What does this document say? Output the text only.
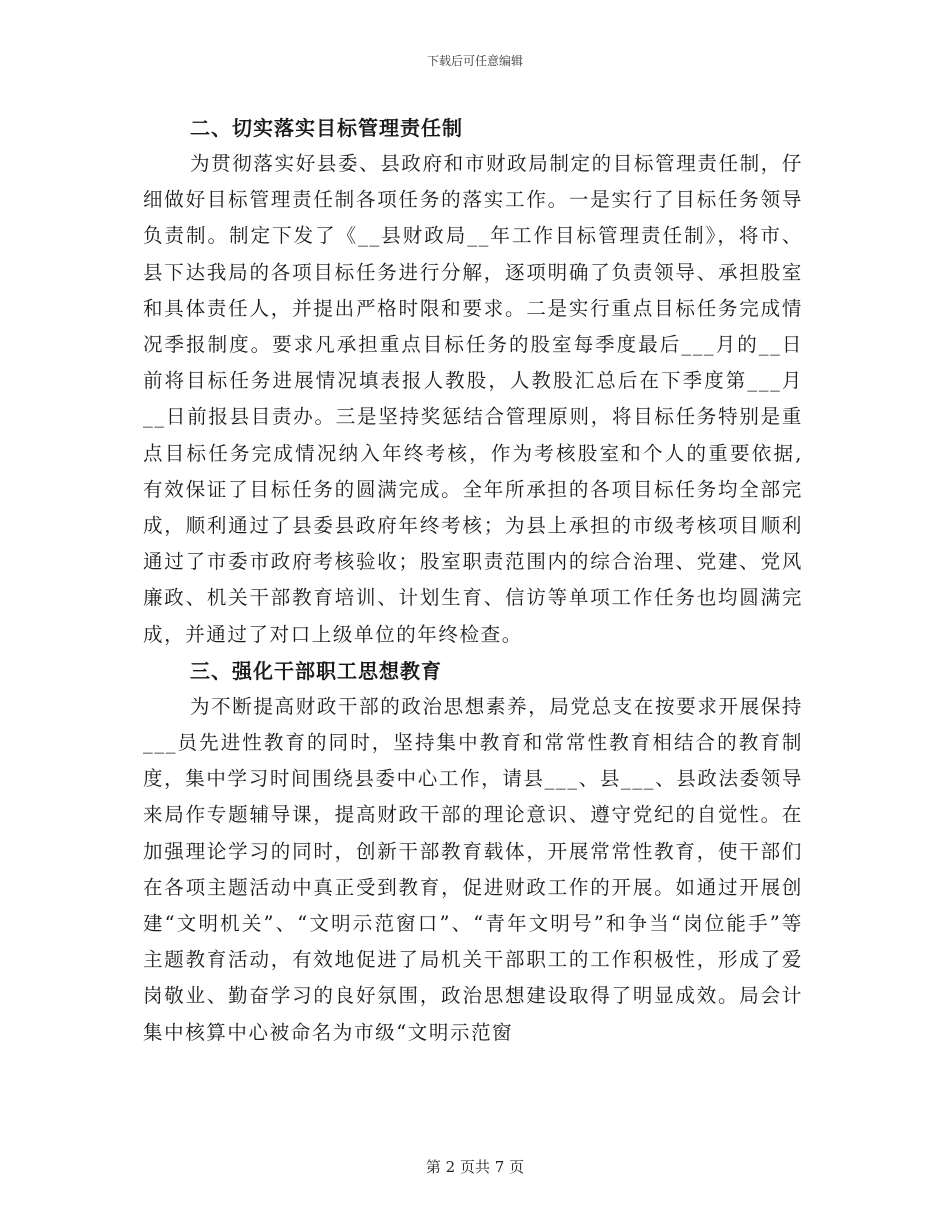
下载后可任意编辑
二、切实落实目标管理责任制

为贯彻落实好县委、县政府和市财政局制定的目标管理责任制，仔细做好目标管理责任制各项任务的落实工作。一是实行了目标任务领导负责制。制定下发了《__县财政局__年工作目标管理责任制》，将市、县下达我局的各项目标任务进行分解，逐项明确了负责领导、承担股室和具体责任人，并提出严格时限和要求。二是实行重点目标任务完成情况季报制度。要求凡承担重点目标任务的股室每季度最后___月的__日前将目标任务进展情况填表报人教股，人教股汇总后在下季度第___月__日前报县目责办。三是坚持奖惩结合管理原则，将目标任务特别是重点目标任务完成情况纳入年终考核，作为考核股室和个人的重要依据,有效保证了目标任务的圆满完成。全年所承担的各项目标任务均全部完成，顺利通过了县委县政府年终考核；为县上承担的市级考核项目顺利通过了市委市政府考核验收；股室职责范围内的综合治理、党建、党风廉政、机关干部教育培训、计划生育、信访等单项工作任务也均圆满完成，并通过了对口上级单位的年终检查。

三、强化干部职工思想教育

为不断提高财政干部的政治思想素养，局党总支在按要求开展保持___员先进性教育的同时，坚持集中教育和常常性教育相结合的教育制度，集中学习时间围绕县委中心工作，请县___、县___、县政法委领导来局作专题辅导课，提高财政干部的理论意识、遵守党纪的自觉性。在加强理论学习的同时，创新干部教育载体，开展常常性教育，使干部们在各项主题活动中真正受到教育，促进财政工作的开展。如通过开展创建“文明机关”、“文明示范窗口”、“青年文明号”和争当“岗位能手”等主题教育活动，有效地促进了局机关干部职工的工作积极性，形成了爱岗敬业、勤奋学习的良好氛围，政治思想建设取得了明显成效。局会计集中核算中心被命名为市级“文明示范窗

第 2 页共 7 页
